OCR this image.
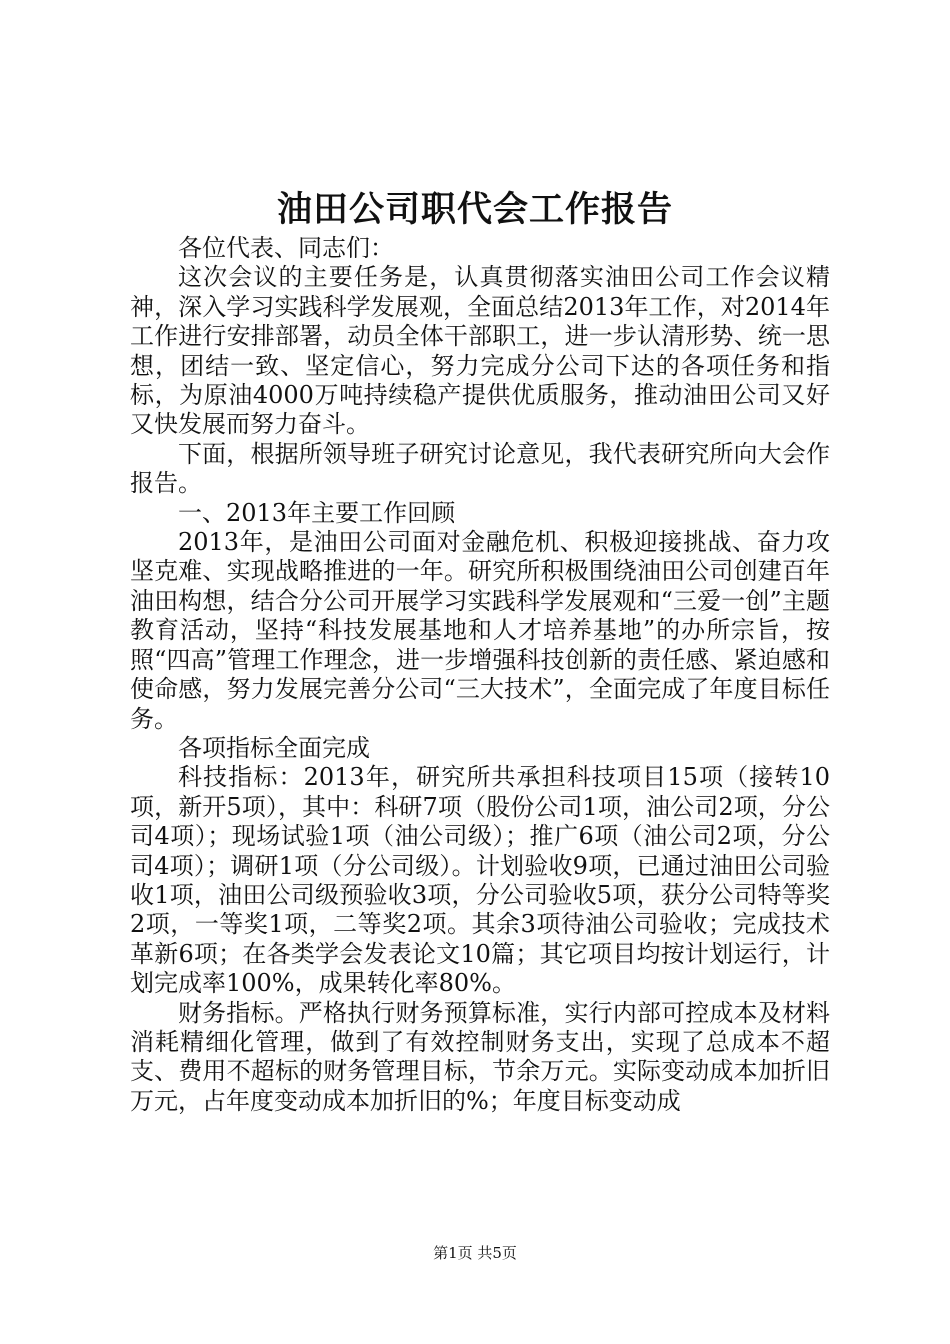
油田公司职代会工作报告

各位代表、同志们：

这次会议的主要任务是，认真贯彻落实油田公司工作会议精神，深入学习实践科学发展观，全面总结2013年工作，对2014年工作进行安排部署，动员全体干部职工，进一步认清形势、统一思想，团结一致、坚定信心，努力完成分公司下达的各项任务和指标，为原油4000万吨持续稳产提供优质服务，推动油田公司又好又快发展而努力奋斗。

下面，根据所领导班子研究讨论意见，我代表研究所向大会作报告。

一、2013年主要工作回顾

2013年，是油田公司面对金融危机、积极迎接挑战、奋力攻坚克难、实现战略推进的一年。研究所积极围绕油田公司创建百年油田构想，结合分公司开展学习实践科学发展观和“三爱一创”主题教育活动，坚持“科技发展基地和人才培养基地”的办所宗旨，按照“四高”管理工作理念，进一步增强科技创新的责任感、紧迫感和使命感，努力发展完善分公司“三大技术”，全面完成了年度目标任务。

各项指标全面完成

科技指标：2013年，研究所共承担科技项目15项（接转10项，新开5项），其中：科研7项（股份公司1项，油公司2项，分公司4项）；现场试验1项（油公司级）；推广6项（油公司2项，分公司4项）；调研1项（分公司级）。计划验收9项，已通过油田公司验收1项，油田公司级预验收3项，分公司验收5项，获分公司特等奖2项，一等奖1项，二等奖2项。其余3项待油公司验收；完成技术革新6项；在各类学会发表论文10篇；其它项目均按计划运行，计划完成率100%，成果转化率80%。

财务指标。严格执行财务预算标准，实行内部可控成本及材料消耗精细化管理，做到了有效控制财务支出，实现了总成本不超支、费用不超标的财务管理目标，节余万元。实际变动成本加折旧万元，占年度变动成本加折旧的%；年度目标变动成

第1页 共5页
